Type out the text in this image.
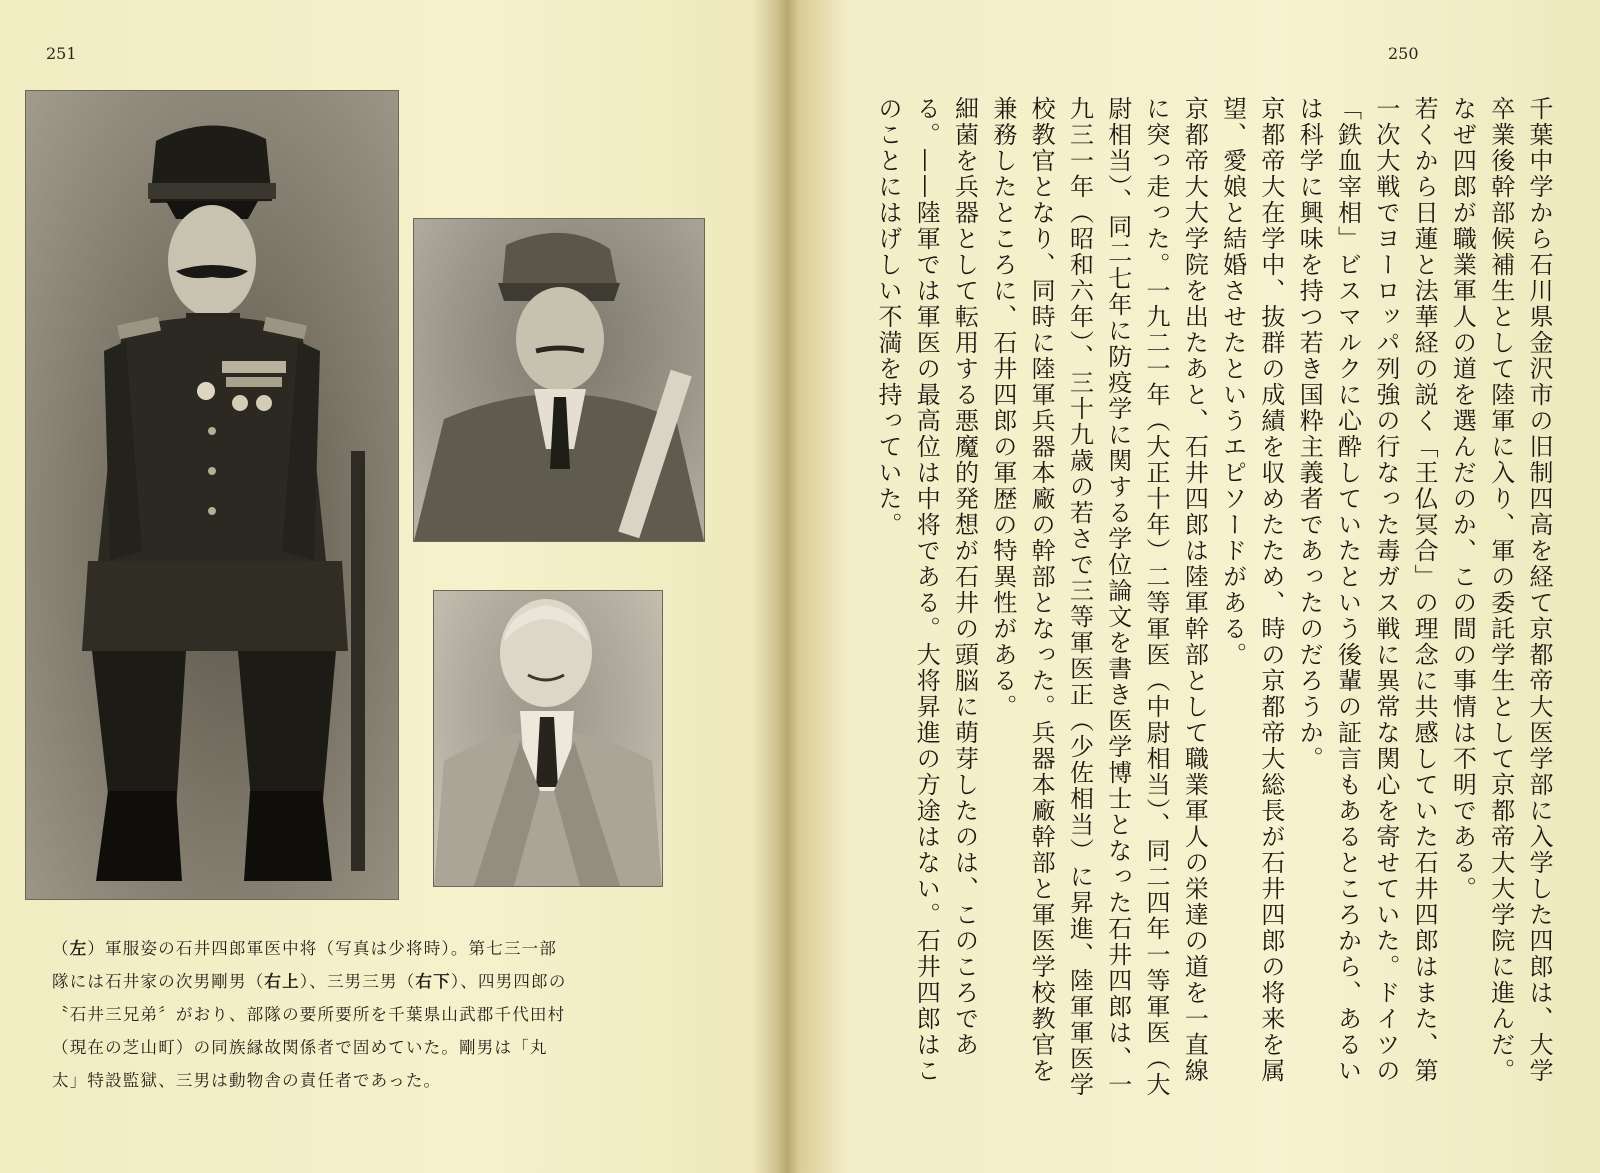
251

（左）軍服姿の石井四郎軍医中将（写真は少将時）。第七三一部

隊には石井家の次男剛男（右上）、三男三男（右下）、四男四郎の

〝石井三兄弟〞がおり、部隊の要所要所を千葉県山武郡千代田村

（現在の芝山町）の同族縁故関係者で固めていた。剛男は「丸

太」特設監獄、三男は動物舎の責任者であった。

250

千葉中学から石川県金沢市の旧制四高を経て京都帝大医学部に入学した四郎は、大学卒業後幹部候補生として陸軍に入り、軍の委託学生として京都帝大大学院に進んだ。なぜ四郎が職業軍人の道を選んだのか、この間の事情は不明である。

若くから日蓮と法華経の説く「王仏冥合」の理念に共感していた石井四郎はまた、第一次大戦でヨーロッパ列強の行なった毒ガス戦に異常な関心を寄せていた。ドイツの「鉄血宰相」ビスマルクに心酔していたという後輩の証言もあるところから、あるいは科学に興味を持つ若き国粋主義者であったのだろうか。

京都帝大在学中、抜群の成績を収めたため、時の京都帝大総長が石井四郎の将来を属望、愛娘と結婚させたというエピソードがある。

京都帝大大学院を出たあと、石井四郎は陸軍幹部として職業軍人の栄達の道を一直線に突っ走った。一九二一年（大正十年）二等軍医（中尉相当）、同二四年一等軍医（大尉相当）、同二七年に防疫学に関する学位論文を書き医学博士となった石井四郎は、一九三一年（昭和六年）、三十九歳の若さで三等軍医正（少佐相当）に昇進、陸軍軍医学校教官となり、同時に陸軍兵器本廠の幹部となった。兵器本廠幹部と軍医学校教官を兼務したところに、石井四郎の軍歴の特異性がある。

細菌を兵器として転用する悪魔的発想が石井の頭脳に萌芽したのは、このころである。——陸軍では軍医の最高位は中将である。大将昇進の方途はない。石井四郎はこのことにはげしい不満を持っていた。
